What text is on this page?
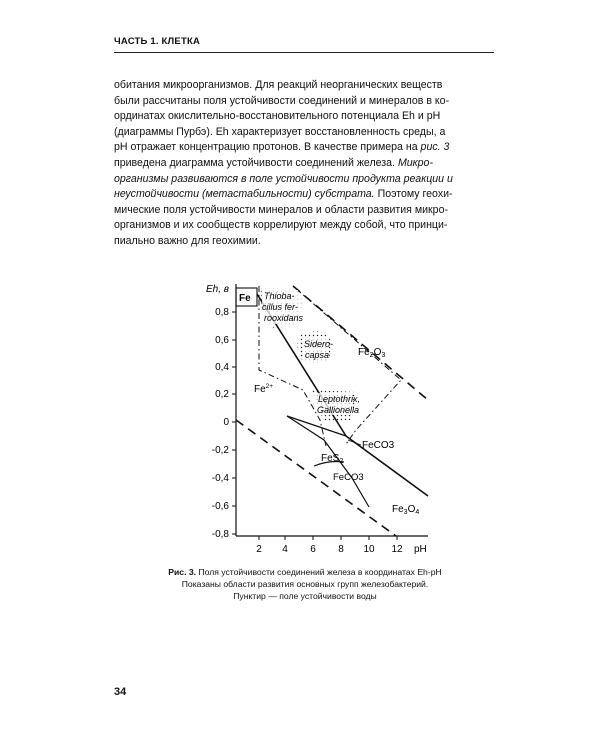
ЧАСТЬ 1. КЛЕТКА
обитания микроорганизмов. Для реакций неорганических веществ
были рассчитаны поля устойчивости соединений и минералов в ко-
ординатах окислительно-восстановительного потенциала Eh и pH
(диаграммы Пурбэ). Eh характеризует восстановленность среды, а
pH отражает концентрацию протонов. В качестве примера на рис. 3
приведена диаграмма устойчивости соединений железа. Микро-
организмы развиваются в поле устойчивости продукта реакции и
неустойчивости (метастабильности) субстрата. Поэтому геохи-
мические поля устойчивости минералов и области развития микро-
организмов и их сообществ коррелируют между собой, что принци-
пиально важно для геохимии.
Eh, в
0,8
0,6
0,4
0,2
0
-0,2
-0,4
-0,6
-0,8
2 4 6 8 10 12 pH
Fe
$Fe^{2+}$
$Fe_2O_3$
FeCO3
FeS$_2$
FeCO3
$Fe_3O_4$
Thioba-
cillus fer-
rooxidans
Sidero-
capsa
Leptothrix,
Gallionella
Рис. 3. Поля устойчивости соединений железа в координатах Eh-pH
Показаны области развития основных групп железобактерий.
Пунктир — поле устойчивости воды
34
